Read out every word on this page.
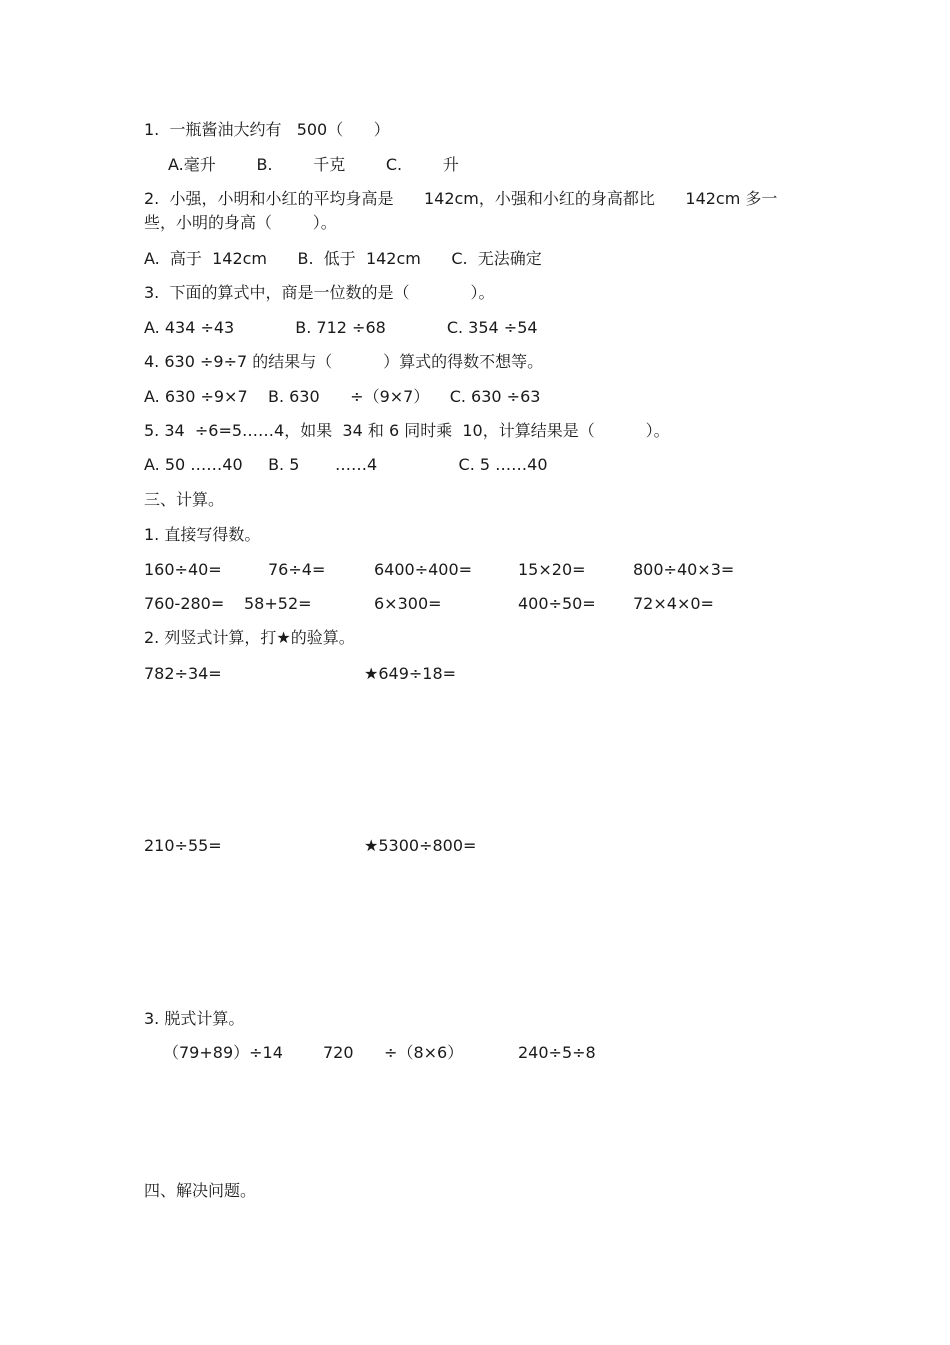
1.  一瓶酱油大约有   500（      ）
A.毫升        B.        千克        C.        升
2.  小强，小明和小红的平均身高是      142cm，小强和小红的身高都比      142cm 多一
些，小明的身高（        ）。
A.  高于  142cm      B.  低于  142cm      C.  无法确定
3.  下面的算式中，商是一位数的是（            ）。
A. 434 ÷43            B. 712 ÷68            C. 354 ÷54
4. 630 ÷9÷7 的结果与（          ）算式的得数不想等。
A. 630 ÷9×7    B. 630      ÷（9×7）    C. 630 ÷63
5. 34  ÷6=5……4，如果  34 和 6 同时乘  10，计算结果是（          ）。
A. 50 ……40     B. 5       ……4                C. 5 ……40
三、计算。
1. 直接写得数。
160÷40=	76÷4=	6400÷400=	15×20=	800÷40×3=
760-280= 58+52=	6×300=	400÷50= 72×4×0=
2. 列竖式计算，打★的验算。
782÷34=	★649÷18=
210÷55=	★5300÷800=
3. 脱式计算。
（79+89）÷14	720      ÷（8×6）	240÷5÷8
四、解决问题。
